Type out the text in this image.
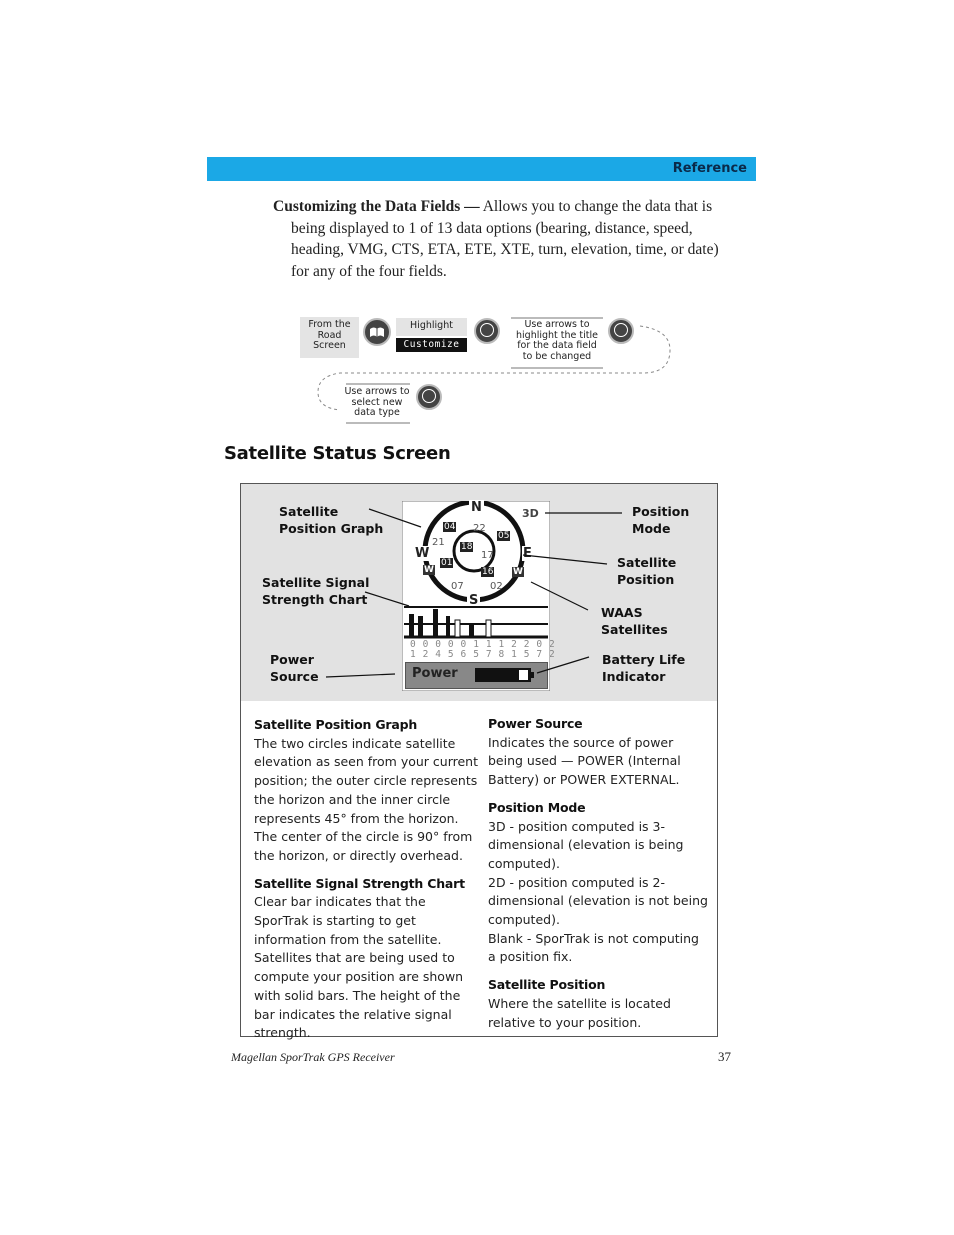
Reference

Customizing the Data Fields — Allows you to change the data that is being displayed to 1 of 13 data options (bearing, distance, speed, heading, VMG, CTS, ETA, ETE, XTE, turn, elevation, time, or date) for any of the four fields.

From the Road Screen
Highlight
Customize
Use arrows to highlight the title for the data field to be changed
Use arrows to select new data type
Satellite Status Screen
N
S
E
W
3D
04 22
05
21 18
17
01
W	16 W
07	02
0 0 0 0 0 1 1 1 2 2 0 2
1 2 4 5 6 5 7 8 1 5 7 2
Power
Satellite Position Graph
Satellite Signal Strength Chart
Power Source
Position Mode
Satellite Position
WAAS Satellites
Battery Life Indicator
Satellite Position Graph

The two circles indicate satellite elevation as seen from your current position; the outer circle represents the horizon and the inner circle represents 45° from the horizon. The center of the circle is 90° from the horizon, or directly overhead.

Satellite Signal Strength Chart

Clear bar indicates that the SporTrak is starting to get information from the satellite. Satellites that are being used to compute your position are shown with solid bars. The height of the bar indicates the relative signal strength.

Power Source

Indicates the source of power being used — POWER (Internal Battery) or POWER EXTERNAL.

Position Mode

3D - position computed is 3-dimensional (elevation is being computed).

2D - position computed is 2-dimensional (elevation is not being computed).

Blank - SporTrak is not computing a position fix.

Satellite Position

Where the satellite is located relative to your position.

Magellan SporTrak GPS Receiver	37
